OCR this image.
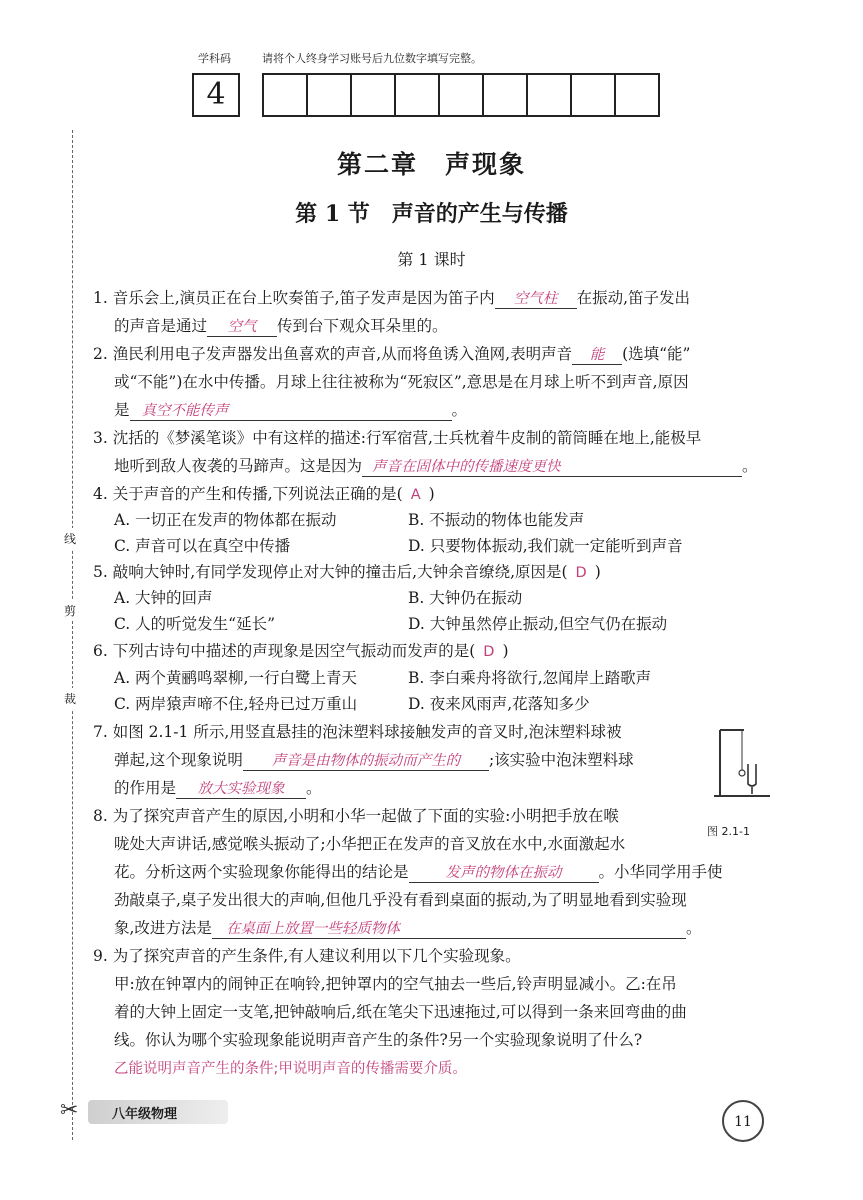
学科码	请将个人终身学习账号后九位数字填写完整。
4
线
剪
裁
✂
第二章　声现象
第 1 节　声音的产生与传播
第 1 课时
1. 音乐会上,演员正在台上吹奏笛子,笛子发声是因为笛子内 空气柱 在振动,笛子发出
的声音是通过 空气 传到台下观众耳朵里的。
2. 渔民利用电子发声器发出鱼喜欢的声音,从而将鱼诱入渔网,表明声音 能 (选填“能”
或“不能”)在水中传播。月球上往往被称为“死寂区”,意思是在月球上听不到声音,原因
是 真空不能传声	。
3. 沈括的《梦溪笔谈》中有这样的描述:行军宿营,士兵枕着牛皮制的箭筒睡在地上,能极早
地听到敌人夜袭的马蹄声。这是因为 声音在固体中的传播速度更快	。
4. 关于声音的产生和传播,下列说法正确的是( A )
A. 一切正在发声的物体都在振动	B. 不振动的物体也能发声
C. 声音可以在真空中传播	D. 只要物体振动,我们就一定能听到声音
5. 敲响大钟时,有同学发现停止对大钟的撞击后,大钟余音缭绕,原因是( D )
A. 大钟的回声	B. 大钟仍在振动
C. 人的听觉发生“延长”	D. 大钟虽然停止振动,但空气仍在振动
6. 下列古诗句中描述的声现象是因空气振动而发声的是( D )
A. 两个黄鹂鸣翠柳,一行白鹭上青天	B. 李白乘舟将欲行,忽闻岸上踏歌声
C. 两岸猿声啼不住,轻舟已过万重山	D. 夜来风雨声,花落知多少
7. 如图 2.1-1 所示,用竖直悬挂的泡沫塑料球接触发声的音叉时,泡沫塑料球被
弹起,这个现象说明 声音是由物体的振动而产生的 ;该实验中泡沫塑料球
的作用是 放大实验现象 。
图 2.1-1
8. 为了探究声音产生的原因,小明和小华一起做了下面的实验:小明把手放在喉
咙处大声讲话,感觉喉头振动了;小华把正在发声的音叉放在水中,水面激起水
花。分析这两个实验现象你能得出的结论是	发声的物体在振动 。小华同学用手使
劲敲桌子,桌子发出很大的声响,但他几乎没有看到桌面的振动,为了明显地看到实验现
象,改进方法是 在桌面上放置一些轻质物体	。
9. 为了探究声音的产生条件,有人建议利用以下几个实验现象。
甲:放在钟罩内的闹钟正在响铃,把钟罩内的空气抽去一些后,铃声明显减小。乙:在吊
着的大钟上固定一支笔,把钟敲响后,纸在笔尖下迅速拖过,可以得到一条来回弯曲的曲
线。你认为哪个实验现象能说明声音产生的条件?另一个实验现象说明了什么?
乙能说明声音产生的条件;甲说明声音的传播需要介质。
八年级物理	11
